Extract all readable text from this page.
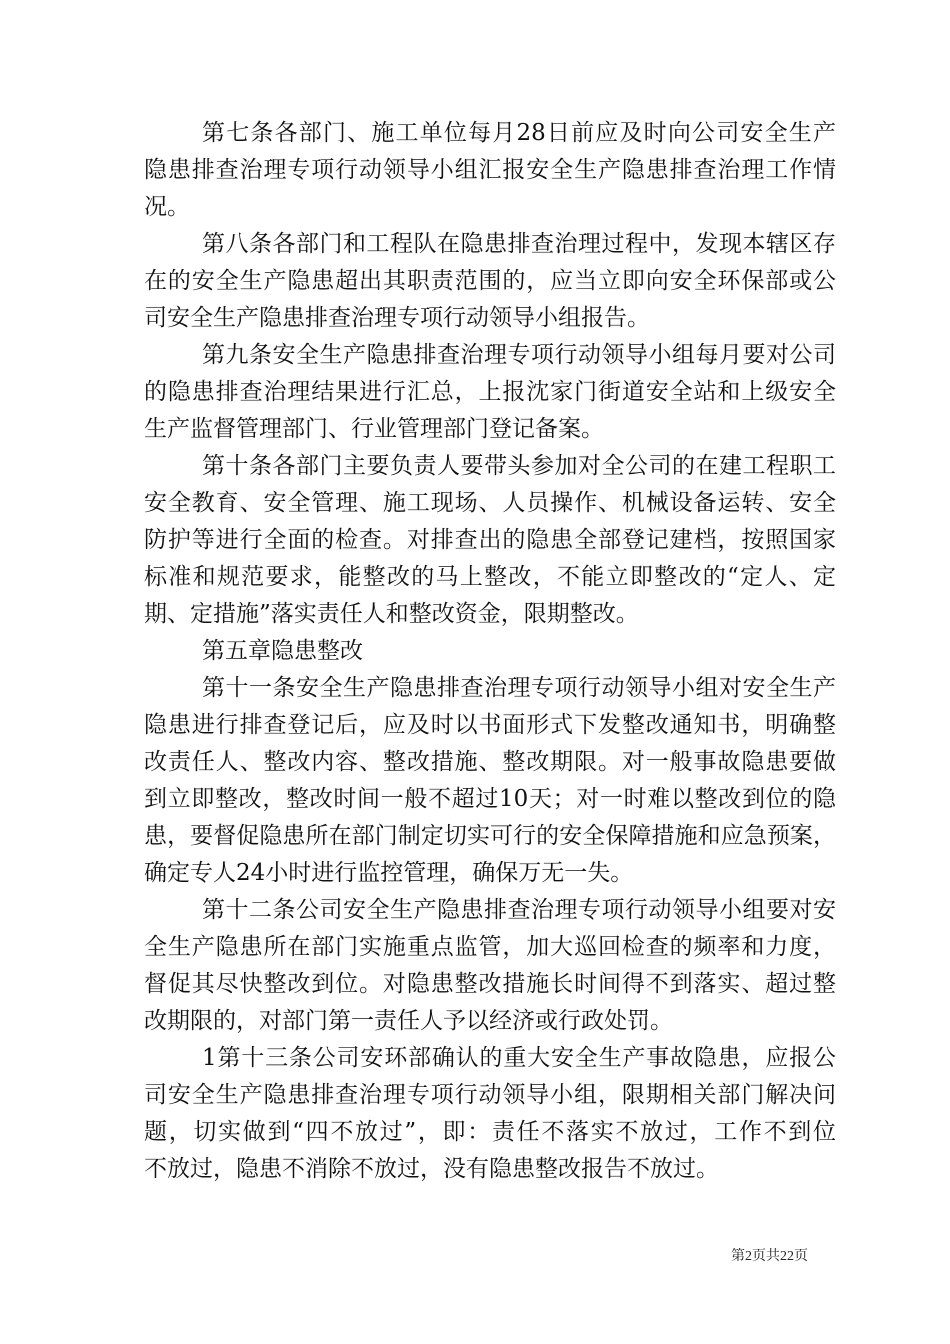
第七条各部门、施工单位每月28日前应及时向公司安全生产
隐患排查治理专项行动领导小组汇报安全生产隐患排查治理工作情
况。
第八条各部门和工程队在隐患排查治理过程中，发现本辖区存
在的安全生产隐患超出其职责范围的，应当立即向安全环保部或公
司安全生产隐患排查治理专项行动领导小组报告。
第九条安全生产隐患排查治理专项行动领导小组每月要对公司
的隐患排查治理结果进行汇总，上报沈家门街道安全站和上级安全
生产监督管理部门、行业管理部门登记备案。
第十条各部门主要负责人要带头参加对全公司的在建工程职工
安全教育、安全管理、施工现场、人员操作、机械设备运转、安全
防护等进行全面的检查。对排查出的隐患全部登记建档，按照国家
标准和规范要求，能整改的马上整改，不能立即整改的“定人、定
期、定措施”落实责任人和整改资金，限期整改。
第五章隐患整改
第十一条安全生产隐患排查治理专项行动领导小组对安全生产
隐患进行排查登记后，应及时以书面形式下发整改通知书，明确整
改责任人、整改内容、整改措施、整改期限。对一般事故隐患要做
到立即整改，整改时间一般不超过10天；对一时难以整改到位的隐
患，要督促隐患所在部门制定切实可行的安全保障措施和应急预案，
确定专人24小时进行监控管理，确保万无一失。
第十二条公司安全生产隐患排查治理专项行动领导小组要对安
全生产隐患所在部门实施重点监管，加大巡回检查的频率和力度，
督促其尽快整改到位。对隐患整改措施长时间得不到落实、超过整
改期限的，对部门第一责任人予以经济或行政处罚。
1第十三条公司安环部确认的重大安全生产事故隐患，应报公
司安全生产隐患排查治理专项行动领导小组，限期相关部门解决问
题，切实做到“四不放过”，即：责任不落实不放过，工作不到位
不放过，隐患不消除不放过，没有隐患整改报告不放过。
第2页共22页
